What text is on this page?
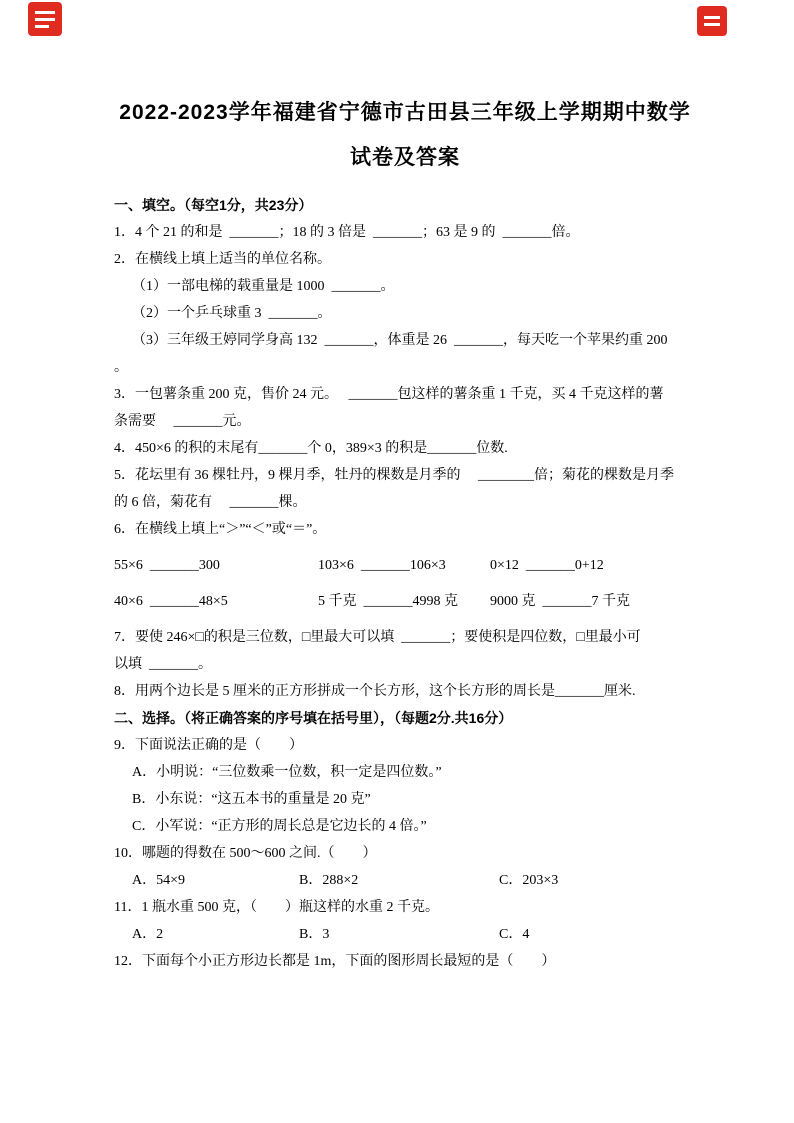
2022-2023学年福建省宁德市古田县三年级上学期期中数学
试卷及答案

一、填空。（每空1分，共23分）

1．4 个 21 的和是  _______；18 的 3 倍是  _______；63 是 9 的  _______倍。

2．在横线上填上适当的单位名称。

（1）一部电梯的载重量是 1000  _______。

（2）一个乒乓球重 3  _______。

（3）三年级王婷同学身高 132  _______，体重是 26  _______，每天吃一个苹果约重 200

。

3．一包薯条重 200 克，售价 24 元。　 _______包这样的薯条重 1 千克，买 4 千克这样的薯

条需要　 _______元。

4．450×6 的积的末尾有_______个 0，389×3 的积是_______位数.

5．花坛里有 36 棵牡丹，9 棵月季，牡丹的棵数是月季的　 ________倍；菊花的棵数是月季

的 6 倍，菊花有　 _______棵。

6．在横线上填上“＞”“＜”或“＝”。

55×6  _______300	103×6  _______106×3	0×12  _______0+12

40×6  _______48×5	5 千克  _______4998 克	9000 克  _______7 千克

7．要使 246×□的积是三位数，□里最大可以填  _______；要使积是四位数，□里最小可

以填  _______。

8．用两个边长是 5 厘米的正方形拼成一个长方形，这个长方形的周长是_______厘米.

二、选择。（将正确答案的序号填在括号里），（每题2分.共16分）

9．下面说法正确的是（　　）

A．小明说：“三位数乘一位数，积一定是四位数。”

B．小东说：“这五本书的重量是 20 克”

C．小军说：“正方形的周长总是它边长的 4 倍。”

10．哪题的得数在 500～600 之间.（　　）

A．54×9	B．288×2	C．203×3

11．1 瓶水重 500 克，（　　）瓶这样的水重 2 千克。

A．2	B．3	C．4

12．下面每个小正方形边长都是 1m，下面的图形周长最短的是（　　）
